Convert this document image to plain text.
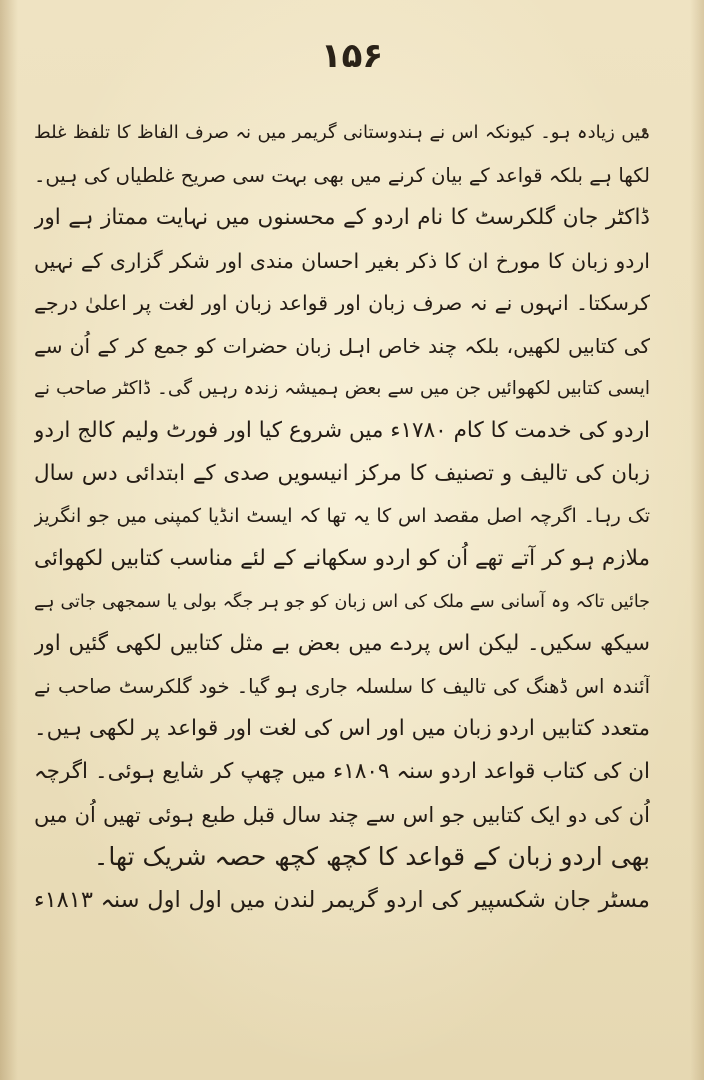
۱۵۶
میں زیادہ ہو۔ کیونکہ اس نے ہندوستانی گریمر میں نہ صرف الفاظ کا تلفظ غلط
لکھا ہے بلکہ قواعد کے بیان کرنے میں بھی بہت سی صریح غلطیاں کی ہیں۔
ڈاکٹر جان گلکرسٹ کا نام اردو کے محسنوں میں نہایت ممتاز ہے اور
اردو زبان کا مورخ ان کا ذکر بغیر احسان مندی اور شکر گزاری کے نہیں
کرسکتا۔ انہوں نے نہ صرف زبان اور قواعد زبان اور لغت پر اعلیٰ درجے
کی کتابیں لکھیں، بلکہ چند خاص اہل زبان حضرات کو جمع کر کے اُن سے
ایسی کتابیں لکھوائیں جن میں سے بعض ہمیشہ زندہ رہیں گی۔ ڈاکٹر صاحب نے
اردو کی خدمت کا کام ۱۷۸۰ء میں شروع کیا اور فورٹ ولیم کالج اردو
زبان کی تالیف و تصنیف کا مرکز انیسویں صدی کے ابتدائی دس سال
تک رہا۔ اگرچہ اصل مقصد اس کا یہ تھا کہ ایسٹ انڈیا کمپنی میں جو انگریز
ملازم ہو کر آتے تھے اُن کو اردو سکھانے کے لئے مناسب کتابیں لکھوائی
جائیں تاکہ وہ آسانی سے ملک کی اس زبان کو جو ہر جگہ بولی یا سمجھی جاتی ہے
سیکھ سکیں۔ لیکن اس پردے میں بعض بے مثل کتابیں لکھی گئیں اور
آئندہ اس ڈھنگ کی تالیف کا سلسلہ جاری ہو گیا۔ خود گلکرسٹ صاحب نے
متعدد کتابیں اردو زبان میں اور اس کی لغت اور قواعد پر لکھی ہیں۔
ان کی کتاب قواعد اردو سنہ ۱۸۰۹ء میں چھپ کر شایع ہوئی۔ اگرچہ
اُن کی دو ایک کتابیں جو اس سے چند سال قبل طبع ہوئی تھیں اُن میں
بھی اردو زبان کے قواعد کا کچھ کچھ حصہ شریک تھا۔
مسٹر جان شکسپیر کی اردو گریمر لندن میں اول اول سنہ ۱۸۱۳ء
